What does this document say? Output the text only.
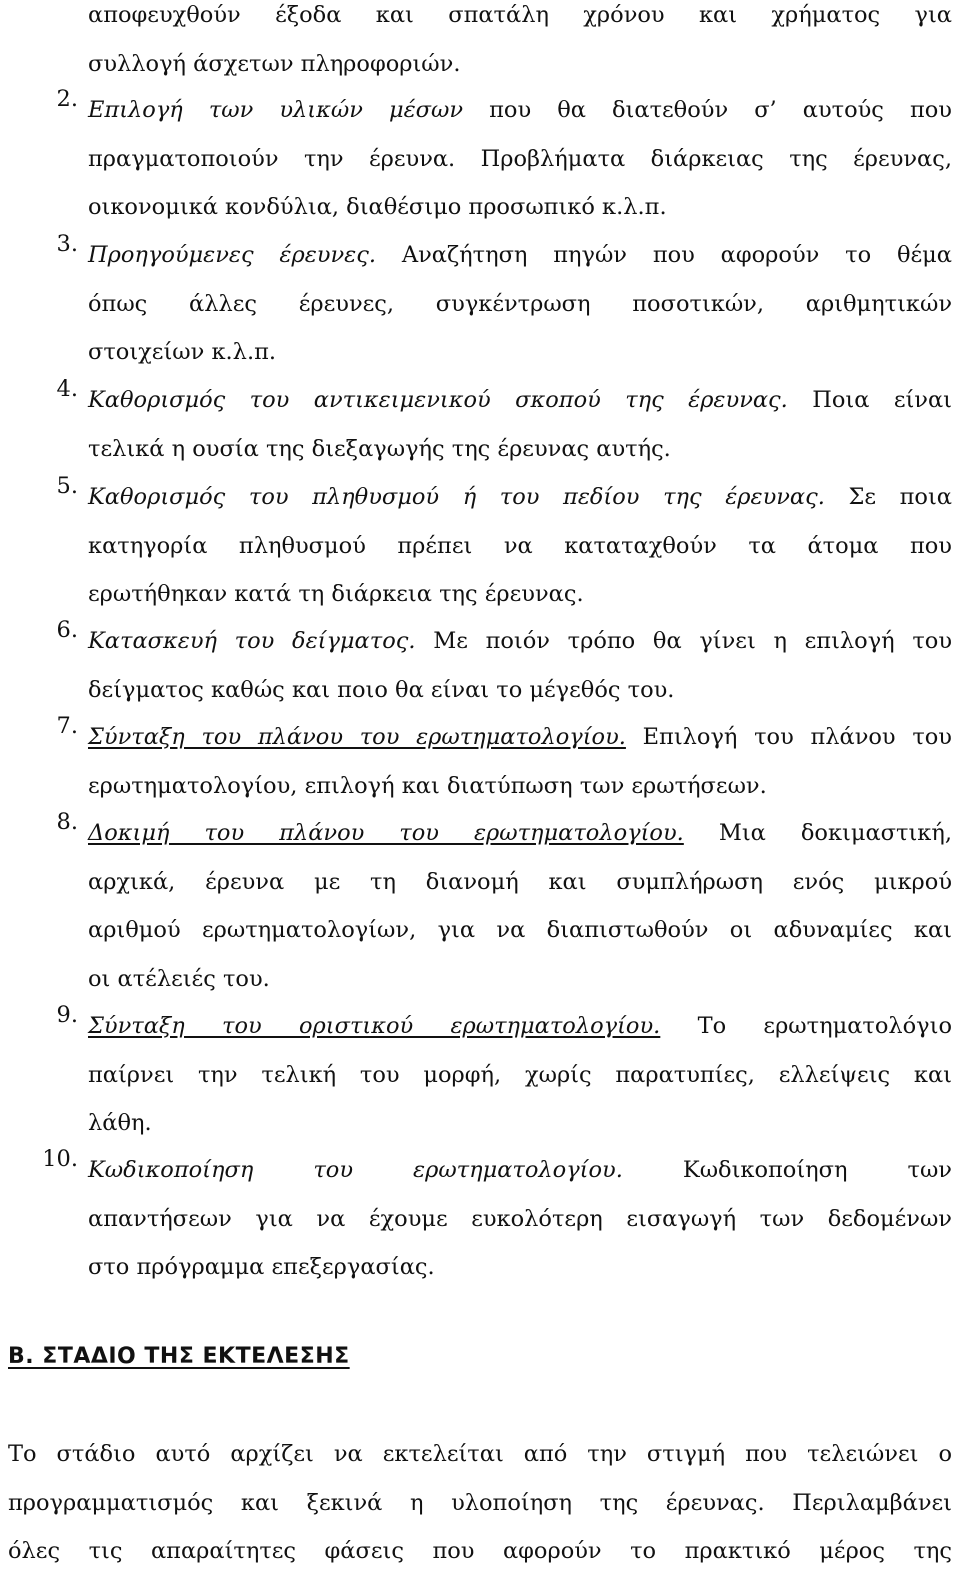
αποφευχθούν έξοδα και σπατάλη χρόνου και χρήματος για
συλλογή άσχετων πληροφοριών.
2. Επιλογή των υλικών μέσων που θα διατεθούν σ’ αυτούς που
πραγματοποιούν την έρευνα. Προβλήματα διάρκειας της έρευνας,
οικονομικά κονδύλια, διαθέσιμο προσωπικό κ.λ.π.
3. Προηγούμενες έρευνες. Αναζήτηση πηγών που αφορούν το θέμα
όπως άλλες έρευνες, συγκέντρωση ποσοτικών, αριθμητικών
στοιχείων κ.λ.π.
4. Καθορισμός του αντικειμενικού σκοπού της έρευνας. Ποια είναι
τελικά η ουσία της διεξαγωγής της έρευνας αυτής.
5. Καθορισμός του πληθυσμού ή του πεδίου της έρευνας. Σε ποια
κατηγορία πληθυσμού πρέπει να καταταχθούν τα άτομα που
ερωτήθηκαν κατά τη διάρκεια της έρευνας.
6. Κατασκευή του δείγματος. Με ποιόν τρόπο θα γίνει η επιλογή του
δείγματος καθώς και ποιο θα είναι το μέγεθός του.
7. Σύνταξη του πλάνου του ερωτηματολογίου. Επιλογή του πλάνου του
ερωτηματολογίου, επιλογή και διατύπωση των ερωτήσεων.
8. Δοκιμή του πλάνου του ερωτηματολογίου. Μια δοκιμαστική,
αρχικά, έρευνα με τη διανομή και συμπλήρωση ενός μικρού
αριθμού ερωτηματολογίων, για να διαπιστωθούν οι αδυναμίες και
οι ατέλειές του.
9. Σύνταξη του οριστικού ερωτηματολογίου. Το ερωτηματολόγιο
παίρνει την τελική του μορφή, χωρίς παρατυπίες, ελλείψεις και
λάθη.
10. Κωδικοποίηση του ερωτηματολογίου. Κωδικοποίηση των
απαντήσεων για να έχουμε ευκολότερη εισαγωγή των δεδομένων
στο πρόγραμμα επεξεργασίας.
Β. ΣΤΑΔΙΟ ΤΗΣ ΕΚΤΕΛΕΣΗΣ
Το στάδιο αυτό αρχίζει να εκτελείται από την στιγμή που τελειώνει ο
προγραμματισμός και ξεκινά η υλοποίηση της έρευνας. Περιλαμβάνει
όλες τις απαραίτητες φάσεις που αφορούν το πρακτικό μέρος της
